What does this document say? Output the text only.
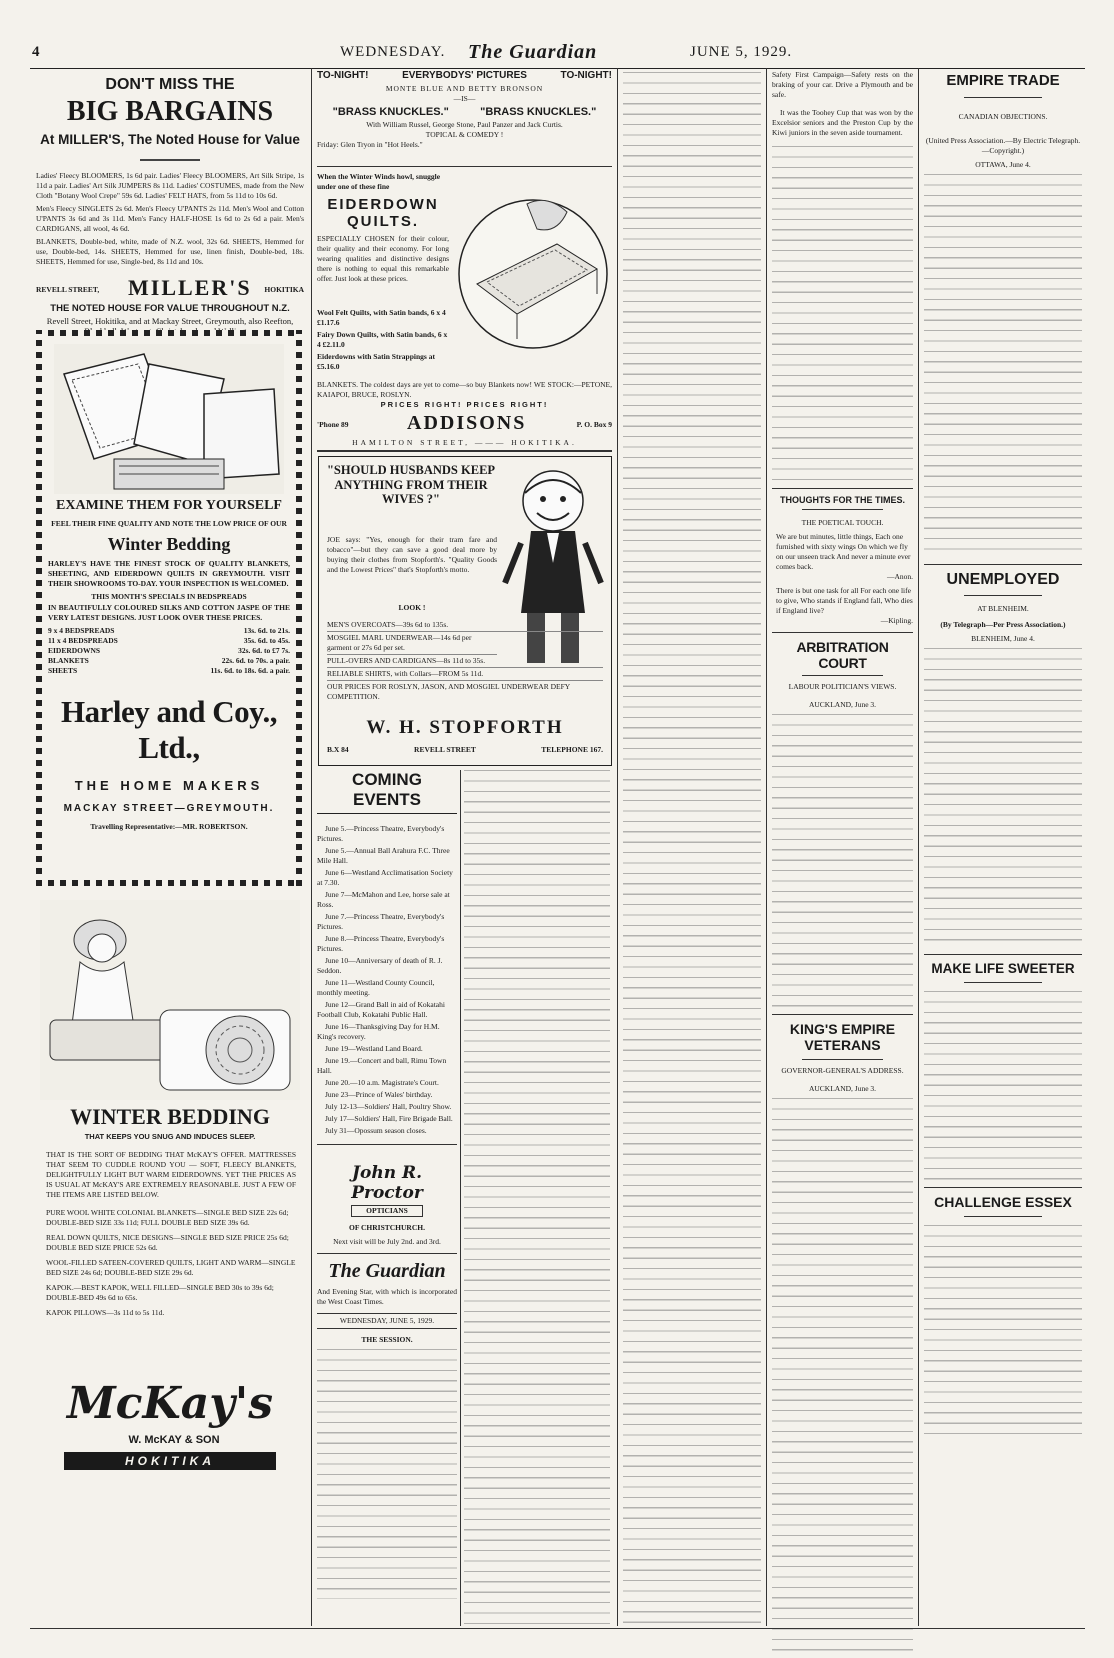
4	WEDNESDAY. The Guardian	JUNE 5, 1929.
DON'T MISS THE
BIG BARGAINS
At MILLER'S, The Noted House for Value
Ladies' Fleecy BLOOMERS, 1s 6d pair. Ladies' Fleecy BLOOMERS, Art Silk Stripe, 1s 11d a pair. Ladies' Art Silk JUMPERS 8s 11d. Ladies' COSTUMES, made from the New Cloth "Botany Wool Crepe" 59s 6d. Ladies' FELT HATS, from 5s 11d to 10s 6d.
Men's Fleecy SINGLETS 2s 6d. Men's Fleecy U'PANTS 2s 11d. Men's Wool and Cotton U'PANTS 3s 6d and 3s 11d. Men's Fancy HALF-HOSE 1s 6d to 2s 6d a pair. Men's CARDIGANS, all wool, 4s 6d.
BLANKETS, Double-bed, white, made of N.Z. wool, 32s 6d. SHEETS, Hemmed for use, Double-bed, 14s. SHEETS, Hemmed for use, linen finish, Double-bed, 18s. SHEETS, Hemmed for use, Single-bed, 8s 11d and 10s.
REVELL STREET, MILLER'S HOKITIKA
THE NOTED HOUSE FOR VALUE THROUGHOUT N.Z.
Revell Street, Hokitika, and at Mackay Street, Greymouth, also Reefton,
EXAMINE THEM FOR YOURSELF
FEEL THEIR FINE QUALITY AND NOTE THE LOW PRICE OF OUR
Winter Bedding
HARLEY'S HAVE THE FINEST STOCK OF QUALITY BLANKETS, SHEETING, AND EIDERDOWN QUILTS IN GREYMOUTH. VISIT THEIR SHOWROOMS TO-DAY. YOUR INSPECTION IS WELCOMED.
THIS MONTH'S SPECIALS IN BEDSPREADS
IN BEAUTIFULLY COLOURED SILKS AND COTTON JASPE OF THE VERY LATEST DESIGNS. JUST LOOK OVER THESE PRICES.
9 x 4 BEDSPREADS	13s. 6d. to 21s.
11 x 4 BEDSPREADS	35s. 6d. to 45s.
EIDERDOWNS	32s. 6d. to £7 7s.
BLANKETS	22s. 6d. to 70s. a pair.
SHEETS	11s. 6d. to 18s. 6d. a pair.
Harley and Coy., Ltd.,
THE HOME MAKERS
MACKAY STREET—GREYMOUTH.
Travelling Representative:—MR. ROBERTSON.
WINTER BEDDING
THAT KEEPS YOU SNUG AND INDUCES SLEEP.
THAT IS THE SORT OF BEDDING THAT McKAY'S OFFER. MATTRESSES THAT SEEM TO CUDDLE ROUND YOU — SOFT, FLEECY BLANKETS, DELIGHTFULLY LIGHT BUT WARM EIDERDOWNS. YET THE PRICES AS IS USUAL AT McKAY'S ARE EXTREMELY REASONABLE. JUST A FEW OF THE ITEMS ARE LISTED BELOW.
PURE WOOL WHITE COLONIAL BLANKETS—SINGLE BED SIZE 22s 6d; DOUBLE-BED SIZE 33s 11d; FULL DOUBLE BED SIZE 39s 6d.
REAL DOWN QUILTS, NICE DESIGNS—SINGLE BED SIZE PRICE 25s 6d; DOUBLE BED SIZE PRICE 52s 6d.
WOOL-FILLED SATEEN-COVERED QUILTS, LIGHT AND WARM—SINGLE BED SIZE 24s 6d; DOUBLE-BED SIZE 29s 6d.
KAPOK.—BEST KAPOK, WELL FILLED—SINGLE BED 30s to 39s 6d; DOUBLE-BED 49s 6d to 65s.
KAPOK PILLOWS—3s 11d to 5s 11d.
McKay's
W. McKAY & SON
HOKITIKA
TO-NIGHT!	EVERYBODYS' PICTURES	TO-NIGHT!
MONTE BLUE AND BETTY BRONSON
—IS—
"BRASS KNUCKLES."	"BRASS KNUCKLES."
With William Russel, George Stone, Paul Panzer and Jack Curtis.
TOPICAL & COMEDY !
Friday: Glen Tryon in "Hot Heels."
When the Winter Winds howl, snuggle under one of these fine
EIDERDOWN QUILTS.
ESPECIALLY CHOSEN for their colour, their quality and their economy. For long wearing qualities and distinctive designs there is nothing to equal this remarkable offer. Just look at these prices.
Wool Felt Quilts, with Satin bands, 6 x 4 £1.17.6
Fairy Down Quilts, with Satin bands, 6 x 4 £2.11.0
Eiderdowns with Satin Strappings at £5.16.0
BLANKETS. The coldest days are yet to come—so buy Blankets now! WE STOCK:—PETONE, KAIAPOI, BRUCE, ROSLYN.
PRICES RIGHT! PRICES RIGHT!
'Phone 89	ADDISONS	P. O. Box 9
HAMILTON STREET, ——— HOKITIKA.
"SHOULD HUSBANDS KEEP ANYTHING FROM THEIR WIVES ?"
JOE says: "Yes, enough for their tram fare and tobacco"—but they can save a good deal more by buying their clothes from Stopforth's. "Quality Goods and the Lowest Prices" that's Stopforth's motto.
LOOK !
MEN'S OVERCOATS—39s 6d to 135s.
MOSGIEL MARL UNDERWEAR—14s 6d per garment or 27s 6d per set.
PULL-OVERS AND CARDIGANS—8s 11d to 35s.
RELIABLE SHIRTS, with Collars—FROM 5s 11d.
OUR PRICES FOR ROSLYN, JASON, AND MOSGIEL UNDERWEAR DEFY COMPETITION.
W. H. STOPFORTH
B.X 84	REVELL STREET	TELEPHONE 167.
COMING EVENTS
June 5.—Princess Theatre, Everybody's Pictures.
June 5.—Annual Ball Arahura F.C. Three Mile Hall.
June 6—Westland Acclimatisation Society at 7.30.
June 7—McMahon and Lee, horse sale at Ross.
June 7.—Princess Theatre, Everybody's Pictures.
June 8.—Princess Theatre, Everybody's Pictures.
June 10—Anniversary of death of R. J. Seddon.
June 11—Westland County Council, monthly meeting.
June 12—Grand Ball in aid of Kokatahi Football Club, Kokatahi Public Hall.
June 16—Thanksgiving Day for H.M. King's recovery.
June 19—Westland Land Board.
June 19.—Concert and ball, Rimu Town Hall.
June 20.—10 a.m. Magistrate's Court.
June 23—Prince of Wales' birthday.
July 12-13—Soldiers' Hall, Poultry Show.
July 17—Soldiers' Hall, Fire Brigade Ball.
July 31—Opossum season closes.
John R. Proctor
OPTICIANS
OF CHRISTCHURCH.
Next visit will be July 2nd. and 3rd.
The Guardian
And Evening Star, with which is incorporated the West Coast Times.
WEDNESDAY, JUNE 5, 1929.
THE SESSION.
Safety First Campaign—Safety rests on the braking of your car. Drive a Plymouth and be safe.
It was the Toohey Cup that was won by the Excelsior seniors and the Preston Cup by the Kiwi juniors in the seven aside tournament.
THOUGHTS FOR THE TIMES.
THE POETICAL TOUCH.
We are but minutes, little things, Each one furnished with sixty wings On which we fly on our unseen track And never a minute ever comes back.
—Anon.
There is but one task for all For each one life to give, Who stands if England fall, Who dies if England live?
—Kipling.
ARBITRATION COURT
LABOUR POLITICIAN'S VIEWS.
AUCKLAND, June 3.
KING'S EMPIRE VETERANS
GOVERNOR-GENERAL'S ADDRESS.
AUCKLAND, June 3.
EMPIRE TRADE
CANADIAN OBJECTIONS.
(United Press Association.—By Electric Telegraph.—Copyright.)
OTTAWA, June 4.
UNEMPLOYED
AT BLENHEIM.
(By Telegraph—Per Press Association.)
BLENHEIM, June 4.
MAKE LIFE SWEETER
CHALLENGE ESSEX
